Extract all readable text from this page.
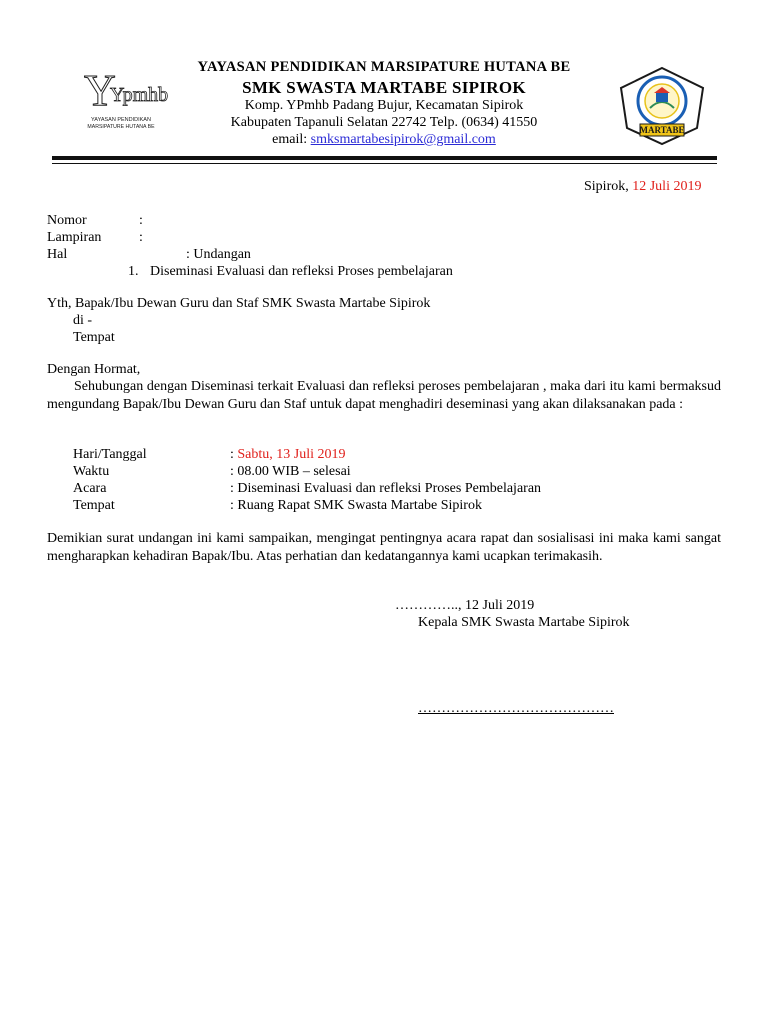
Y
Ypmhb
YAYASAN PENDIDIKAN
MARSIPATURE HUTANA BE	MARTABE
YAYASAN PENDIDIKAN MARSIPATURE HUTANA BE
SMK SWASTA MARTABE SIPIROK
Komp. YPmhb Padang Bujur, Kecamatan Sipirok
Kabupaten Tapanuli Selatan 22742 Telp. (0634) 41550
email: smksmartabesipirok@gmail.com
Sipirok, 12 Juli 2019
Nomor	:
Lampiran	:
Hal	: Undangan
1. Diseminasi Evaluasi dan refleksi Proses pembelajaran
Yth, Bapak/Ibu Dewan Guru dan Staf SMK Swasta Martabe Sipirok
di -
Tempat
Dengan Hormat,
Sehubungan dengan Diseminasi terkait Evaluasi dan refleksi peroses pembelajaran , maka dari itu kami bermaksud mengundang Bapak/Ibu Dewan Guru dan Staf untuk dapat menghadiri deseminasi yang akan dilaksanakan pada :
Hari/Tanggal	: Sabtu, 13 Juli 2019
Waktu	: 08.00 WIB – selesai
Acara	: Diseminasi Evaluasi dan refleksi Proses Pembelajaran
Tempat	: Ruang Rapat SMK Swasta Martabe Sipirok
Demikian surat undangan ini kami sampaikan, mengingat pentingnya acara rapat dan sosialisasi ini maka kami sangat mengharapkan kehadiran Bapak/Ibu. Atas perhatian dan kedatangannya kami ucapkan terimakasih.
………….., 12 Juli 2019
Kepala SMK Swasta Martabe Sipirok
……………………………………
